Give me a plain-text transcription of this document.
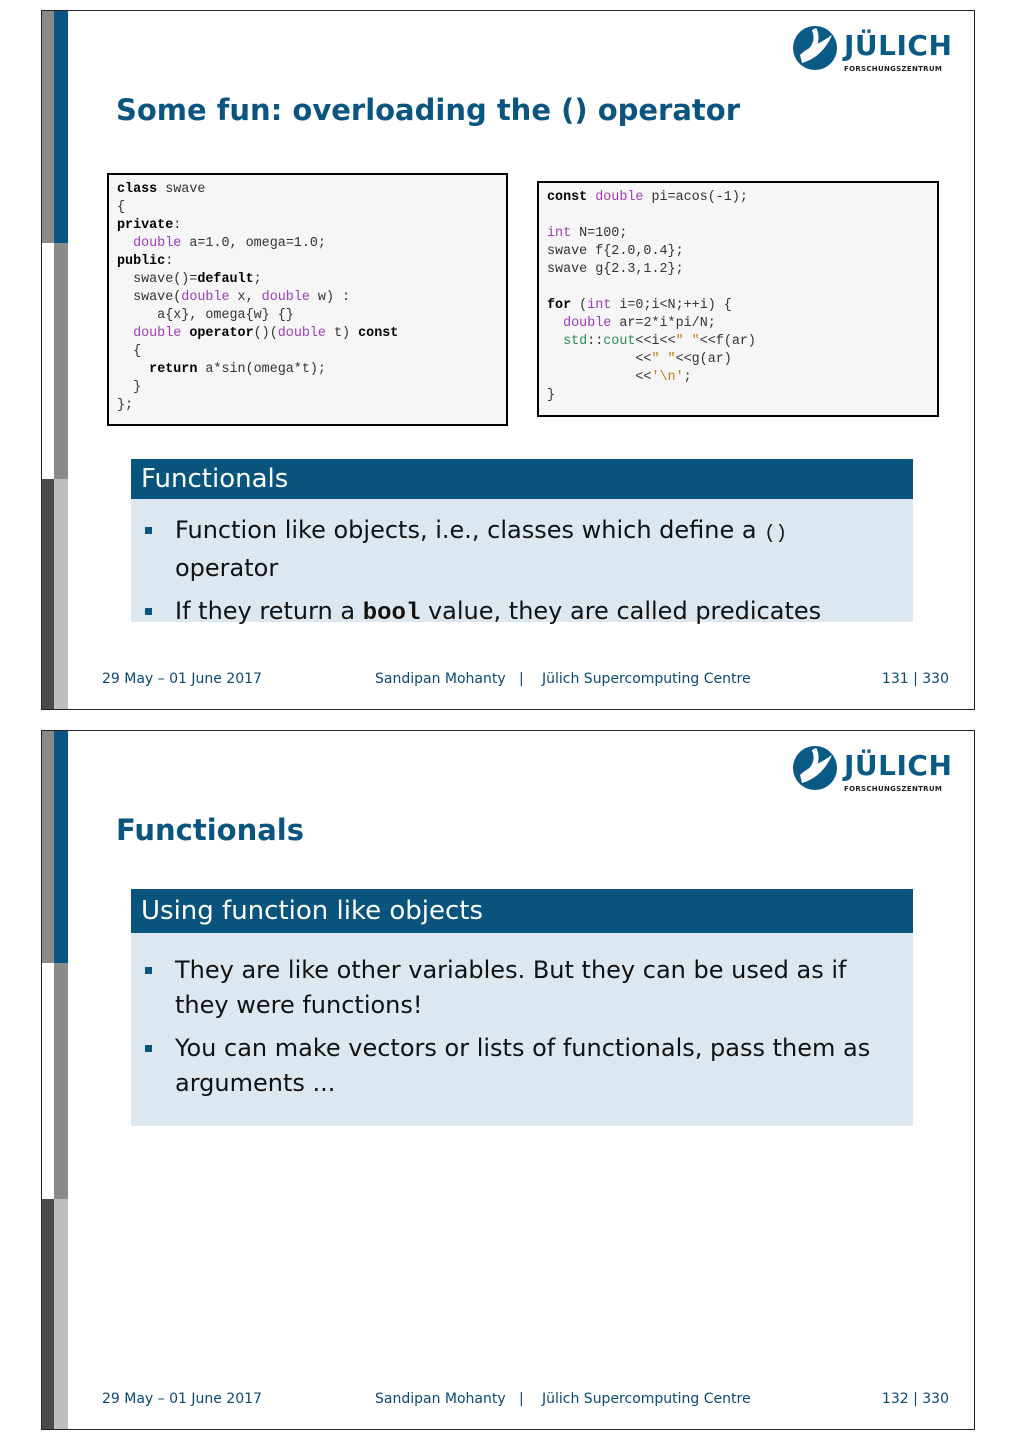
JÜLICH
FORSCHUNGSZENTRUM
Some fun: overloading the () operator
class swave
{
private:
double a=1.0, omega=1.0;
public:
swave()=default;
swave(double x, double w) :
a{x}, omega{w} {}
double operator()(double t) const
{
return a*sin(omega*t);
}
};
const double pi=acos(-1);

int N=100;
swave f{2.0,0.4};
swave g{2.3,1.2};

for (int i=0;i<N;++i) {
double ar=2*i*pi/N;
std::cout<<i<<" "<<f(ar)
<<" "<<g(ar)
<<'\n';
}
Functionals
Function like objects, i.e., classes which define a () operator
If they return a bool value, they are called predicates
29 May – 01 June 2017	Sandipan Mohanty | Jülich Supercomputing Centre	131 | 330
JÜLICH
FORSCHUNGSZENTRUM
Functionals
Using function like objects
They are like other variables. But they can be used as if they were functions!
You can make vectors or lists of functionals, pass them as arguments ...
29 May – 01 June 2017	Sandipan Mohanty | Jülich Supercomputing Centre	132 | 330
